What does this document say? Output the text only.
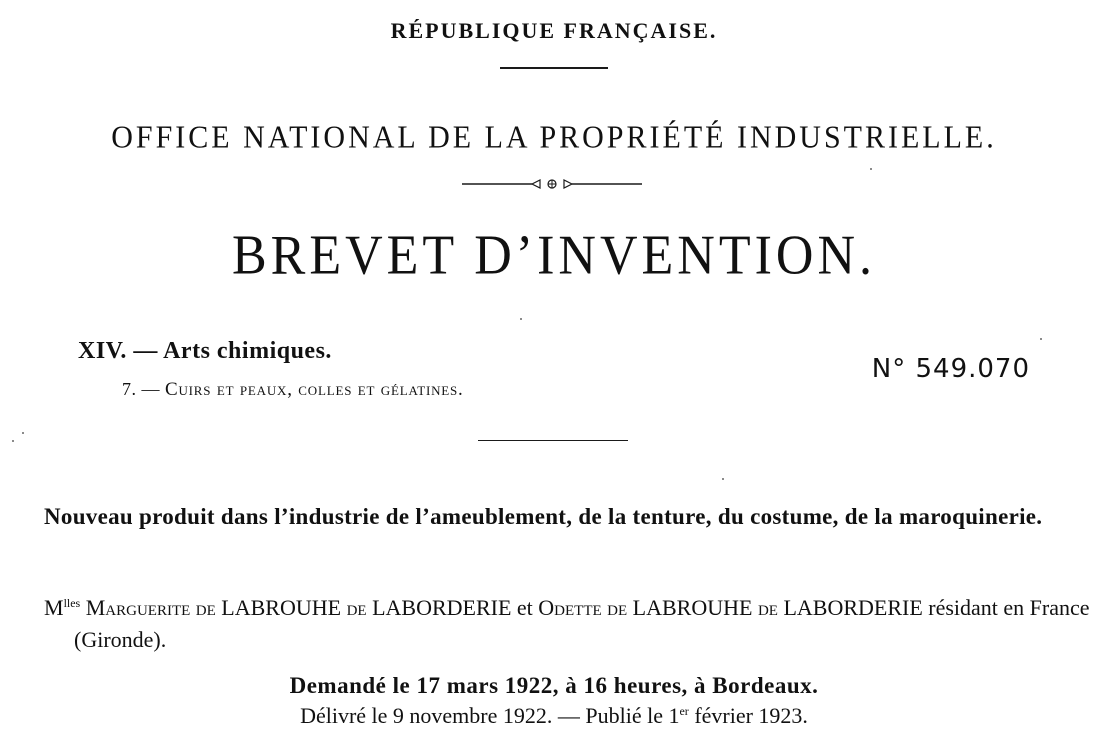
RÉPUBLIQUE FRANÇAISE.
OFFICE NATIONAL DE LA PROPRIÉTÉ INDUSTRIELLE.
BREVET D’INVENTION.
XIV. — Arts chimiques.
7. — Cuirs et peaux, colles et gélatines.
N° 549.070
Nouveau produit dans l’industrie de l’ameublement, de la tenture, du costume, de la maroquinerie.
$M^{lles}$ Marguerite de LABROUHE de LABORDERIE et Odette de LABROUHE de LABORDERIE résidant en France (Gironde).
Demandé le 17 mars 1922, à 16 heures, à Bordeaux.
Délivré le 9 novembre 1922. — Publié le 1er février 1923.
